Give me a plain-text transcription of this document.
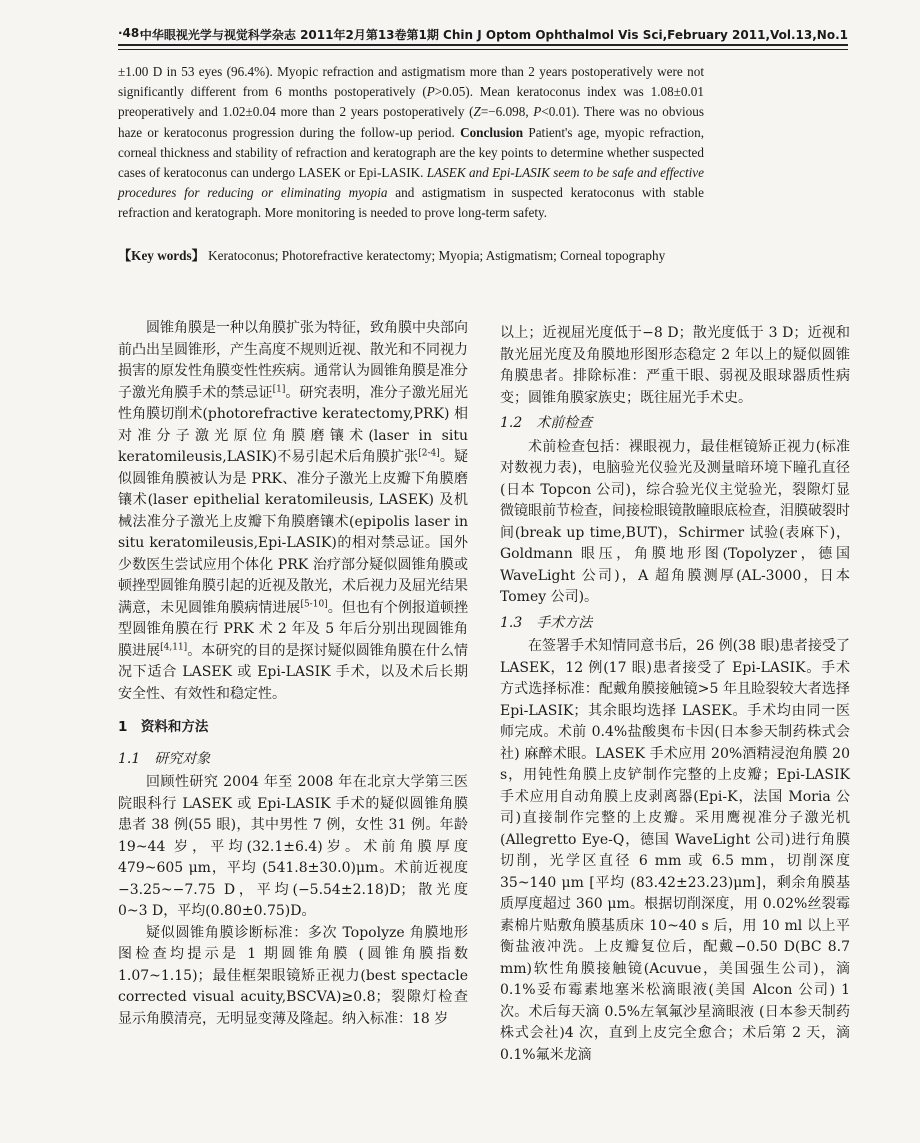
·48·
中华眼视光学与视觉科学杂志 2011年2月第13卷第1期 Chin J Optom Ophthalmol Vis Sci,February 2011,Vol.13,No.1
±1.00 D in 53 eyes (96.4%). Myopic refraction and astigmatism more than 2 years postoperatively were not significantly different from 6 months postoperatively (P>0.05). Mean keratoconus index was 1.08±0.01 preoperatively and 1.02±0.04 more than 2 years postoperatively (Z=−6.098, P<0.01). There was no obvious haze or keratoconus progression during the follow-up period. Conclusion Patient's age, myopic refraction, corneal thickness and stability of refraction and keratograph are the key points to determine whether suspected cases of keratoconus can undergo LASEK or Epi-LASIK. LASEK and Epi-LASIK seem to be safe and effective procedures for reducing or eliminating myopia and astigmatism in suspected keratoconus with stable refraction and keratograph. More monitoring is needed to prove long-term safety.
【Key words】 Keratoconus; Photorefractive keratectomy; Myopia; Astigmatism; Corneal topography

圆锥角膜是一种以角膜扩张为特征，致角膜中央部向前凸出呈圆锥形，产生高度不规则近视、散光和不同视力损害的原发性角膜变性性疾病。通常认为圆锥角膜是准分子激光角膜手术的禁忌证[1]。研究表明，准分子激光屈光性角膜切削术(photorefractive keratectomy,PRK) 相对准分子激光原位角膜磨镶术(laser in situ keratomileusis,LASIK)不易引起术后角膜扩张[2-4]。疑似圆锥角膜被认为是 PRK、准分子激光上皮瓣下角膜磨镶术(laser epithelial keratomileusis, LASEK) 及机械法准分子激光上皮瓣下角膜磨镶术(epipolis laser in situ keratomileusis,Epi-LASIK)的相对禁忌证。国外少数医生尝试应用个体化 PRK 治疗部分疑似圆锥角膜或顿挫型圆锥角膜引起的近视及散光，术后视力及屈光结果满意，未见圆锥角膜病情进展[5-10]。但也有个例报道顿挫型圆锥角膜在行 PRK 术 2 年及 5 年后分别出现圆锥角膜进展[4,11]。本研究的目的是探讨疑似圆锥角膜在什么情况下适合 LASEK 或 Epi-LASIK 手术，以及术后长期安全性、有效性和稳定性。

1　资料和方法
1.1　研究对象

回顾性研究 2004 年至 2008 年在北京大学第三医院眼科行 LASEK 或 Epi-LASIK 手术的疑似圆锥角膜患者 38 例(55 眼)，其中男性 7 例，女性 31 例。年龄 19~44 岁，平均(32.1±6.4)岁。术前角膜厚度 479~605 μm，平均 (541.8±30.0)μm。术前近视度 −3.25~−7.75 D，平均(−5.54±2.18)D；散光度 0~3 D，平均(0.80±0.75)D。

疑似圆锥角膜诊断标准：多次 Topolyze 角膜地形图检查均提示是 1 期圆锥角膜 (圆锥角膜指数 1.07~1.15)；最佳框架眼镜矫正视力(best spectacle corrected visual acuity,BSCVA)≥0.8；裂隙灯检查显示角膜清亮，无明显变薄及隆起。纳入标准：18 岁

以上；近视屈光度低于−8 D；散光度低于 3 D；近视和散光屈光度及角膜地形图形态稳定 2 年以上的疑似圆锥角膜患者。排除标准：严重干眼、弱视及眼球器质性病变；圆锥角膜家族史；既往屈光手术史。

1.2　术前检查

术前检查包括：裸眼视力，最佳框镜矫正视力(标准对数视力表)，电脑验光仪验光及测量暗环境下瞳孔直径(日本 Topcon 公司)，综合验光仪主觉验光，裂隙灯显微镜眼前节检查，间接检眼镜散瞳眼底检查，泪膜破裂时间(break up time,BUT)，Schirmer 试验(表麻下)，Goldmann 眼压，角膜地形图(Topolyzer，德国 WaveLight 公司)，A 超角膜测厚(AL-3000，日本 Tomey 公司)。

1.3　手术方法

在签署手术知情同意书后，26 例(38 眼)患者接受了 LASEK，12 例(17 眼)患者接受了 Epi-LASIK。手术方式选择标准：配戴角膜接触镜>5 年且睑裂较大者选择 Epi-LASIK；其余眼均选择 LASEK。手术均由同一医师完成。术前 0.4%盐酸奥布卡因(日本参天制药株式会社) 麻醉术眼。LASEK 手术应用 20%酒精浸泡角膜 20 s，用钝性角膜上皮铲制作完整的上皮瓣；Epi-LASIK 手术应用自动角膜上皮剥离器(Epi-K，法国 Moria 公司)直接制作完整的上皮瓣。采用鹰视准分子激光机(Allegretto Eye-Q，德国 WaveLight 公司)进行角膜切削，光学区直径 6 mm 或 6.5 mm，切削深度 35~140 μm [平均 (83.42±23.23)μm]，剩余角膜基质厚度超过 360 μm。根据切削深度，用 0.02%丝裂霉素棉片贴敷角膜基质床 10~40 s 后，用 10 ml 以上平衡盐液冲洗。上皮瓣复位后，配戴−0.50 D(BC 8.7 mm)软性角膜接触镜(Acuvue，美国强生公司)，滴 0.1%妥布霉素地塞米松滴眼液(美国 Alcon 公司) 1 次。术后每天滴 0.5%左氧氟沙星滴眼液 (日本参天制药株式会社)4 次，直到上皮完全愈合；术后第 2 天，滴0.1%氟米龙滴
